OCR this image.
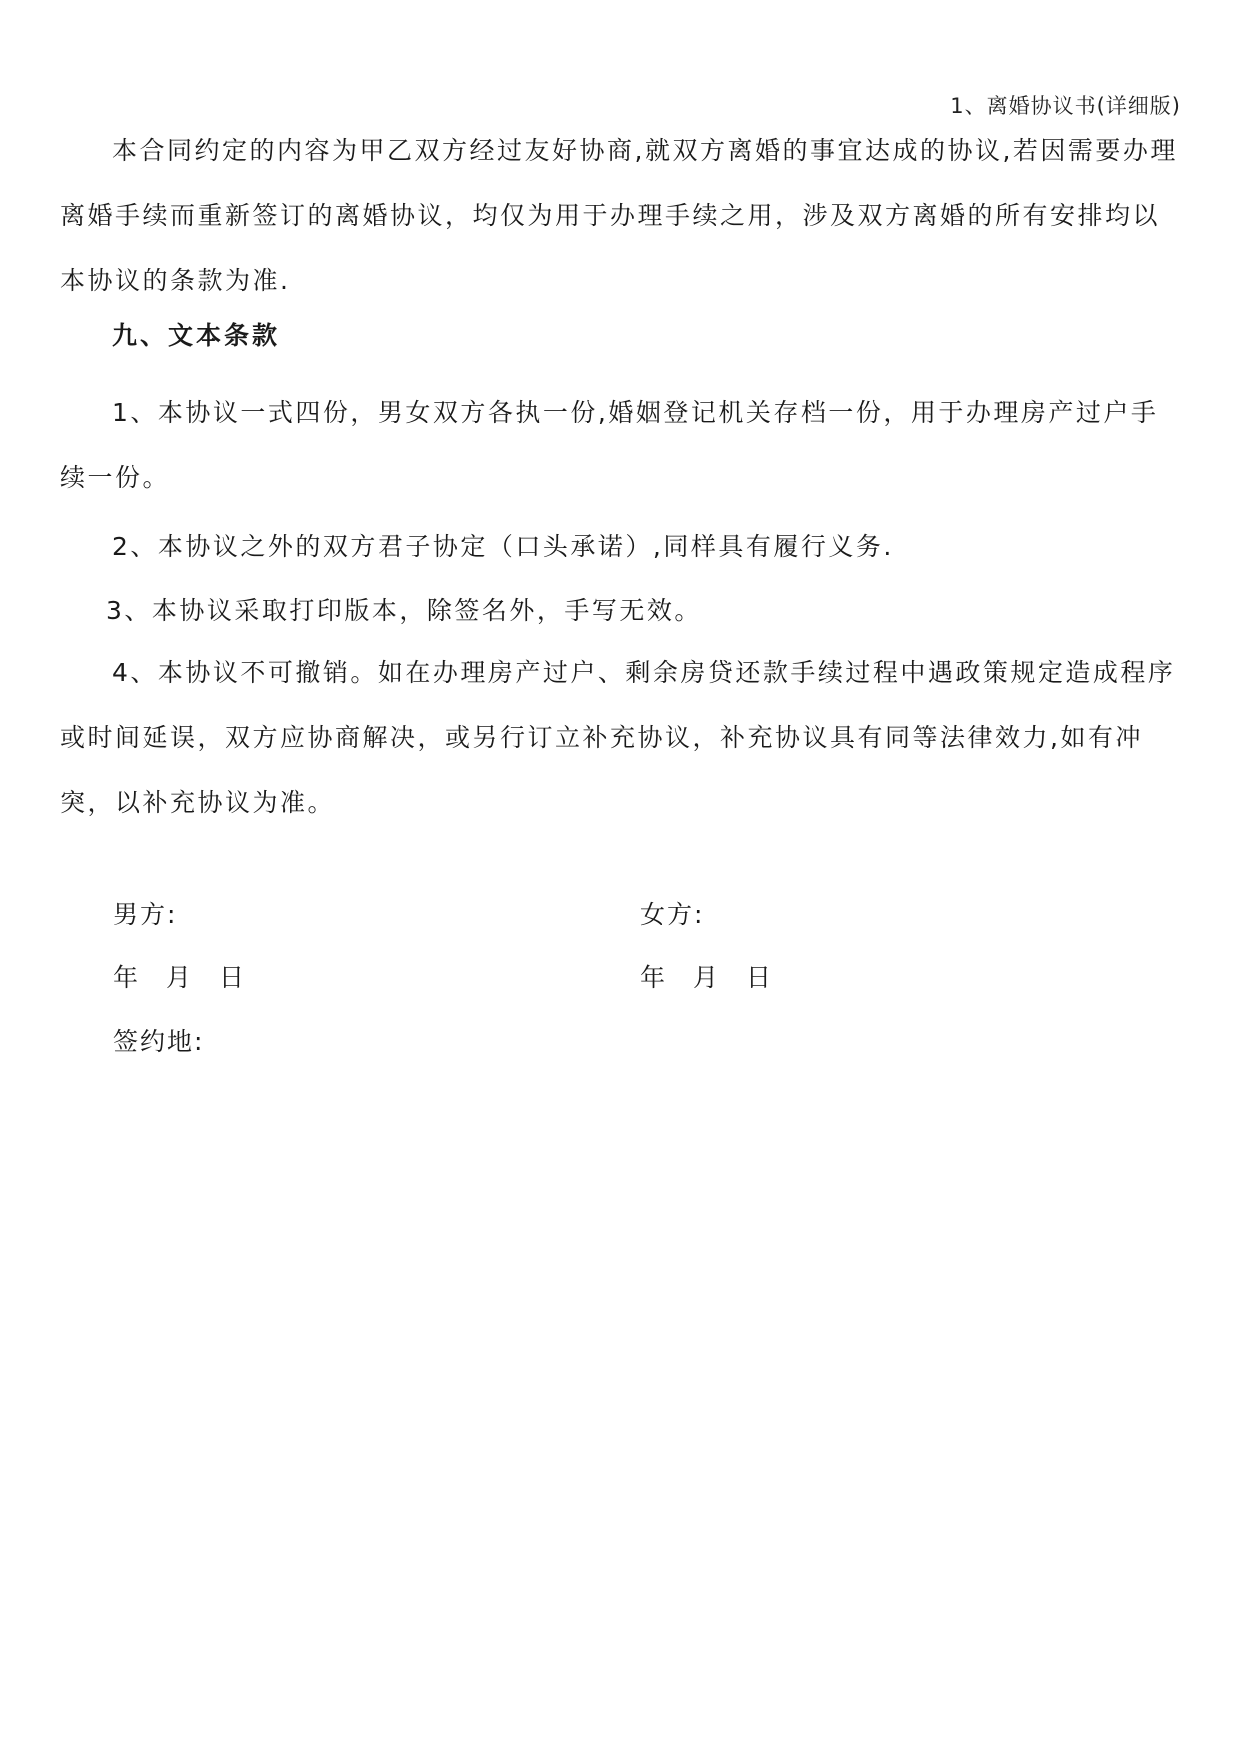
1、离婚协议书(详细版)

本合同约定的内容为甲乙双方经过友好协商,就双方离婚的事宜达成的协议,若因需要办理离婚手续而重新签订的离婚协议，均仅为用于办理手续之用，涉及双方离婚的所有安排均以本协议的条款为准.

九、文本条款

1、本协议一式四份，男女双方各执一份,婚姻登记机关存档一份，用于办理房产过户手续一份。

2、本协议之外的双方君子协定（口头承诺）,同样具有履行义务.

3、本协议采取打印版本，除签名外，手写无效。

4、本协议不可撤销。如在办理房产过户、剩余房贷还款手续过程中遇政策规定造成程序或时间延误，双方应协商解决，或另行订立补充协议，补充协议具有同等法律效力,如有冲突，以补充协议为准。

男方:	女方:

年 月 日	年 月 日

签约地:
